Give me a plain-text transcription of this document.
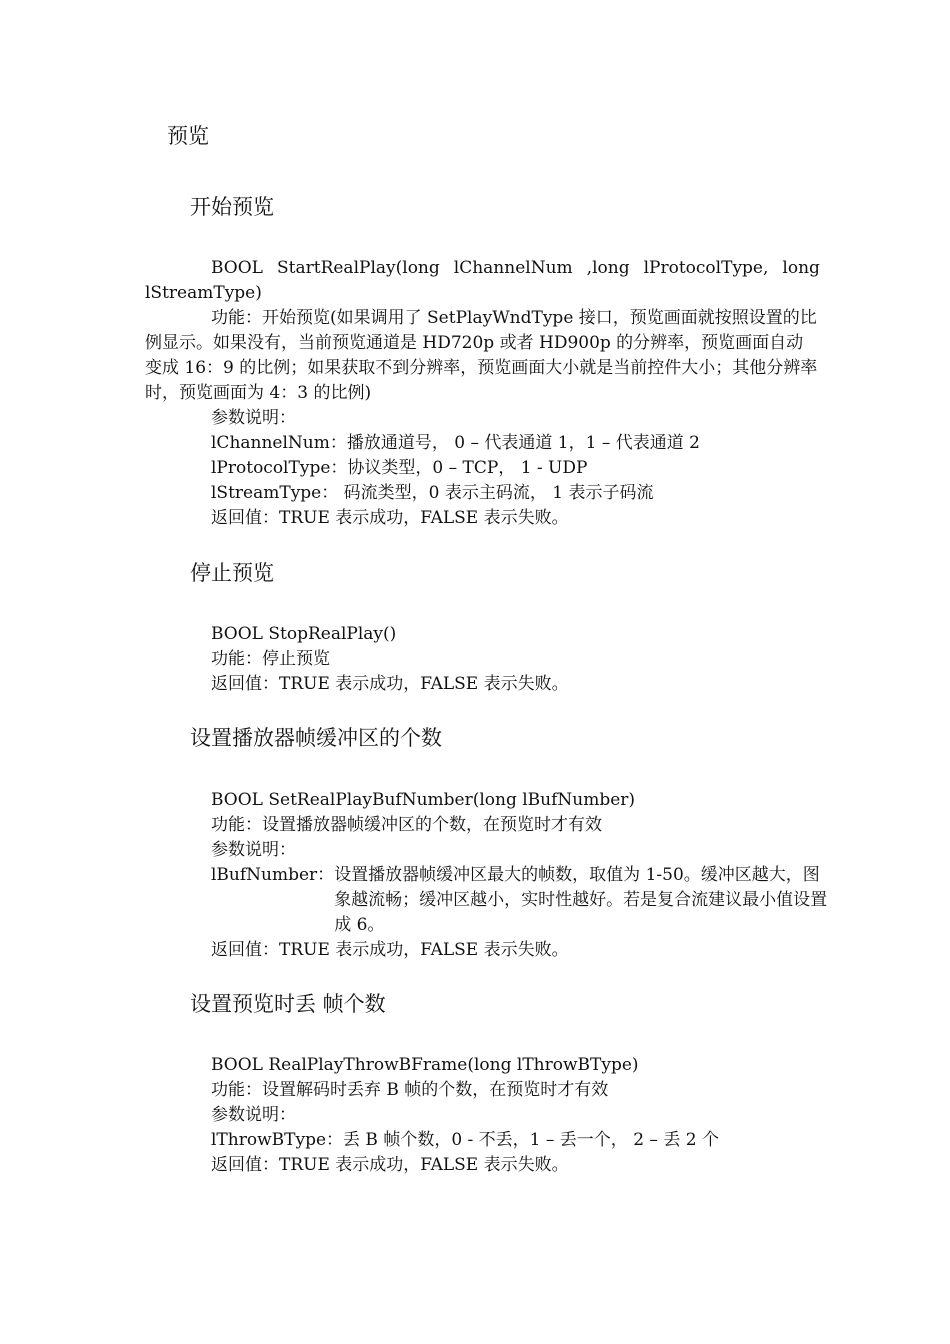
预览
开始预览
BOOL StartRealPlay(long lChannelNum ,long lProtocolType, long
lStreamType)
功能：开始预览(如果调用了 SetPlayWndType 接口，预览画面就按照设置的比例显示。如果没有，当前预览通道是 HD720p 或者 HD900p 的分辨率，预览画面自动变成 16：9 的比例；如果获取不到分辨率，预览画面大小就是当前控件大小；其他分辨率时，预览画面为 4：3 的比例)
参数说明：
lChannelNum：播放通道号， 0 – 代表通道 1，1 – 代表通道 2
lProtocolType：协议类型，0 – TCP， 1 - UDP
lStreamType： 码流类型，0 表示主码流， 1 表示子码流
返回值：TRUE 表示成功，FALSE 表示失败。
停止预览
BOOL StopRealPlay()
功能：停止预览
返回值：TRUE 表示成功，FALSE 表示失败。
设置播放器帧缓冲区的个数
BOOL SetRealPlayBufNumber(long lBufNumber)
功能：设置播放器帧缓冲区的个数，在预览时才有效
参数说明：
lBufNumber： 设置播放器帧缓冲区最大的帧数，取值为 1-50。缓冲区越大，图象越流畅；缓冲区越小，实时性越好。若是复合流建议最小值设置成 6。
返回值：TRUE 表示成功，FALSE 表示失败。
设置预览时丢 帧个数
BOOL RealPlayThrowBFrame(long lThrowBType)
功能：设置解码时丢弃 B 帧的个数，在预览时才有效
参数说明：
lThrowBType：丢 B 帧个数，0 - 不丢，1 – 丢一个， 2 – 丢 2 个
返回值：TRUE 表示成功，FALSE 表示失败。
